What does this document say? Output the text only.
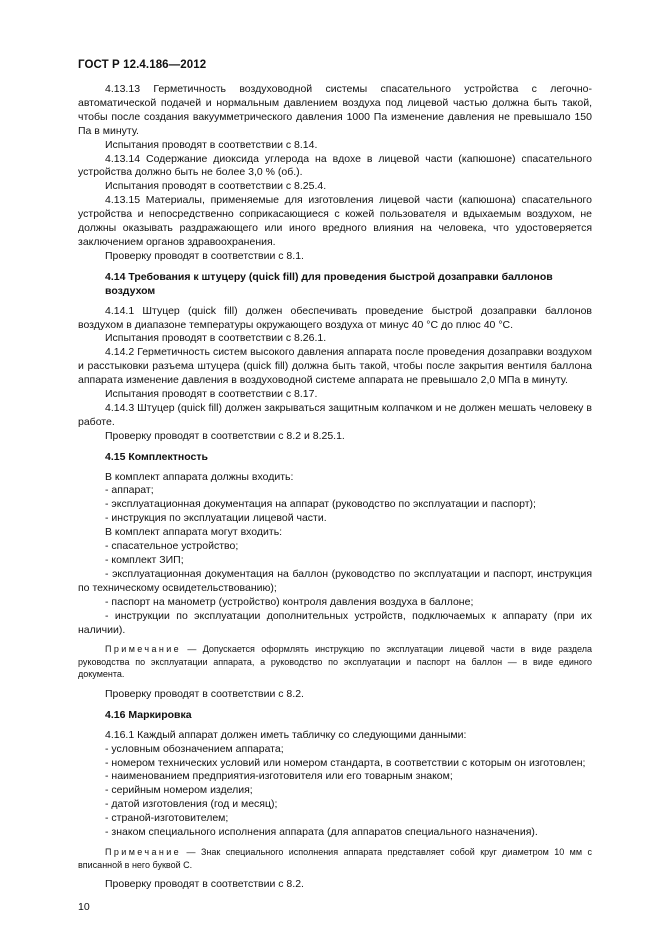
ГОСТ Р 12.4.186—2012

4.13.13 Герметичность воздуховодной системы спасательного устройства с легочно-автоматической подачей и нормальным давлением воздуха под лицевой частью должна быть такой, чтобы после создания вакуумметрического давления 1000 Па изменение давления не превышало 150 Па в минуту.

Испытания проводят в соответствии с 8.14.

4.13.14 Содержание диоксида углерода на вдохе в лицевой части (капюшоне) спасательного устройства должно быть не более 3,0 % (об.).

Испытания проводят в соответствии с 8.25.4.

4.13.15 Материалы, применяемые для изготовления лицевой части (капюшона) спасательного устройства и непосредственно соприкасающиеся с кожей пользователя и вдыхаемым воздухом, не должны оказывать раздражающего или иного вредного влияния на человека, что удостоверяется заключением органов здравоохранения.

Проверку проводят в соответствии с 8.1.

4.14 Требования к штуцеру (quick fill) для проведения быстрой дозаправки баллонов воздухом

4.14.1 Штуцер (quick fill) должен обеспечивать проведение быстрой дозаправки баллонов воздухом в диапазоне температуры окружающего воздуха от минус 40 °С до плюс 40 °С.

Испытания проводят в соответствии с 8.26.1.

4.14.2 Герметичность систем высокого давления аппарата после проведения дозаправки воздухом и расстыковки разъема штуцера (quick fill) должна быть такой, чтобы после закрытия вентиля баллона аппарата изменение давления в воздуховодной системе аппарата не превышало 2,0 МПа в минуту.

Испытания проводят в соответствии с 8.17.

4.14.3 Штуцер (quick fill) должен закрываться защитным колпачком и не должен мешать человеку в работе.

Проверку проводят в соответствии с 8.2 и 8.25.1.

4.15 Комплектность

В комплект аппарата должны входить:

- аппарат;

- эксплуатационная документация на аппарат (руководство по эксплуатации и паспорт);

- инструкция по эксплуатации лицевой части.

В комплект аппарата могут входить:

- спасательное устройство;

- комплект ЗИП;

- эксплуатационная документация на баллон (руководство по эксплуатации и паспорт, инструкция по техническому освидетельствованию);

- паспорт на манометр (устройство) контроля давления воздуха в баллоне;

- инструкции по эксплуатации дополнительных устройств, подключаемых к аппарату (при их наличии).

Примечание — Допускается оформлять инструкцию по эксплуатации лицевой части в виде раздела руководства по эксплуатации аппарата, а руководство по эксплуатации и паспорт на баллон — в виде единого документа.

Проверку проводят в соответствии с 8.2.

4.16 Маркировка

4.16.1 Каждый аппарат должен иметь табличку со следующими данными:

- условным обозначением аппарата;

- номером технических условий или номером стандарта, в соответствии с которым он изготовлен;

- наименованием предприятия-изготовителя или его товарным знаком;

- серийным номером изделия;

- датой изготовления (год и месяц);

- страной-изготовителем;

- знаком специального исполнения аппарата (для аппаратов специального назначения).

Примечание — Знак специального исполнения аппарата представляет собой круг диаметром 10 мм с вписанной в него буквой С.

Проверку проводят в соответствии с 8.2.

10
